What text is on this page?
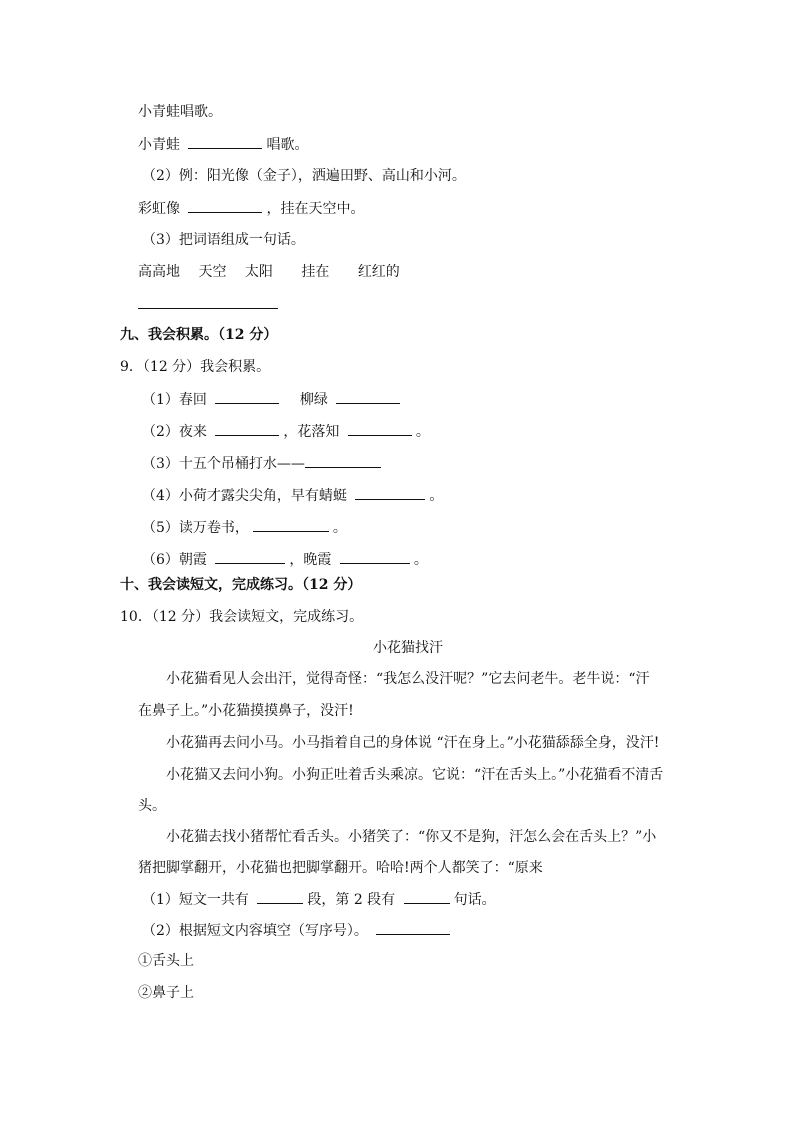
小青蛙唱歌。
小青蛙	唱歌。
（2）例：阳光像（金子），洒遍田野、高山和小河。
彩虹像	，挂在天空中。
（3）把词语组成一句话。
高高地 天空 太阳 挂在 红红的
九、我会积累。（12 分）
9．（12 分）我会积累。
（1）春回	柳绿
（2）夜来	，花落知	。
（3）十五个吊桶打水——
（4）小荷才露尖尖角，早有蜻蜓	。
（5）读万卷书，	。
（6）朝霞	，晚霞	。
十、我会读短文，完成练习。（12 分）
10．（12 分）我会读短文，完成练习。
小花猫找汗
小花猫看见人会出汗，觉得奇怪：“我怎么没汗呢？”它去问老牛。老牛说：“汗
在鼻子上。”小花猫摸摸鼻子，没汗!
小花猫再去问小马。小马指着自己的身体说 “汗在身上。”小花猫舔舔全身，没汗!
小花猫又去问小狗。小狗正吐着舌头乘凉。它说：“汗在舌头上。”小花猫看不清舌
头。
小花猫去找小猪帮忙看舌头。小猪笑了：“你又不是狗，汗怎么会在舌头上？”小
猪把脚掌翻开，小花猫也把脚掌翻开。哈哈!两个人都笑了：“原来
（1）短文一共有	段，第 2 段有	句话。
（2）根据短文内容填空（写序号）。
①舌头上
②鼻子上
